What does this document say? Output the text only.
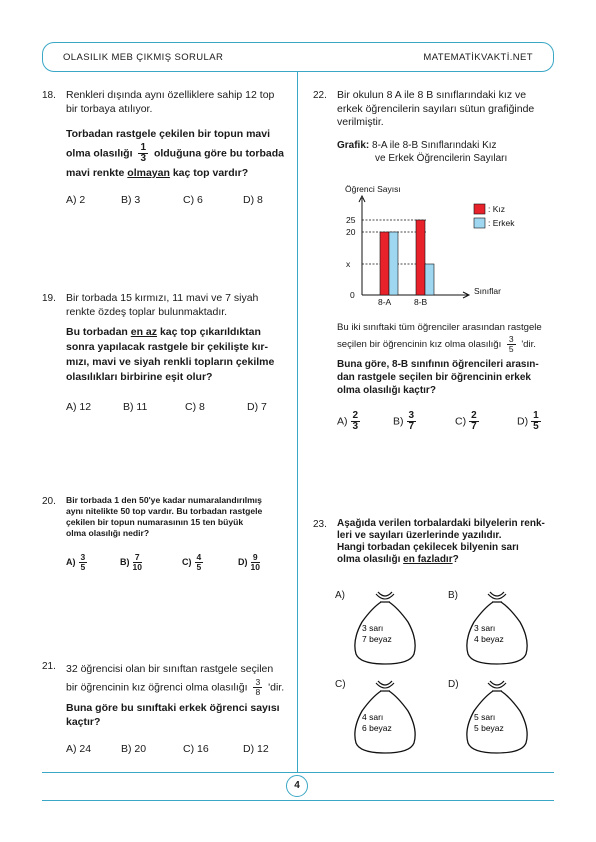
OLASILIK MEB ÇIKMIŞ SORULAR	MATEMATİKVAKTİ.NET
4
18. Renkleri dışında aynı özelliklere sahip 12 top
bir torbaya atılıyor.
Torbadan rastgele çekilen bir topun mavi
olma olasılığı $\frac{1}{3}$ olduğuna göre bu torbada
mavi renkte olmayan kaç top vardır?
A) 2	B) 3	C) 6	D) 8
19. Bir torbada 15 kırmızı, 11 mavi ve 7 siyah
renkte özdeş toplar bulunmaktadır.
Bu torbadan en az kaç top çıkarıldıktan
sonra yapılacak rastgele bir çekilişte kır-
mızı, mavi ve siyah renkli topların çekilme
olasılıkları birbirine eşit olur?
A) 12	B) 11	C) 8	D) 7
20. Bir torbada 1 den 50'ye kadar numaralandırılmış
aynı nitelikte 50 top vardır. Bu torbadan rastgele
çekilen bir topun numarasının 15 ten büyük
olma olasılığı nedir?
$A) \frac{3}{5}$	$B) \frac{7}{10}$	$C) \frac{4}{5}$	$D) \frac{9}{10}$
21. 32 öğrencisi olan bir sınıftan rastgele seçilen
bir öğrencinin kız öğrenci olma olasılığı $\frac{3}{8}$ 'dir.
Buna göre bu sınıftaki erkek öğrenci sayısı
kaçtır?
A) 24	B) 20	C) 16	D) 12
22. Bir okulun 8 A ile 8 B sınıflarındaki kız ve
erkek öğrencilerin sayıları sütun grafiğinde
verilmiştir.
Grafik: 8-A ile 8-B Sınıflarındaki Kız
ve Erkek Öğrencilerin Sayıları
Öğrenci Sayısı
Sınıflar
0
x
20
25
8-A	8-B
: Kız
: Erkek
Bu iki sınıftaki tüm öğrenciler arasından rastgele
seçilen bir öğrencinin kız olma olasılığı $\frac{3}{5}$ 'dir.
Buna göre, 8-B sınıfının öğrencileri arasın-
dan rastgele seçilen bir öğrencinin erkek
olma olasılığı kaçtır?
$A) \frac{2}{3}$	$B) \frac{3}{7}$	$C) \frac{2}{7}$	$D) \frac{1}{5}$
23. Aşağıda verilen torbalardaki bilyelerin renk-
leri ve sayıları üzerlerinde yazılıdır.
Hangi torbadan çekilecek bilyenin sarı
olma olasılığı en fazladır?
A)	B)
C)	D)
3 sarı
7 beyaz
3 sarı
4 beyaz
4 sarı
6 beyaz
5 sarı
5 beyaz
